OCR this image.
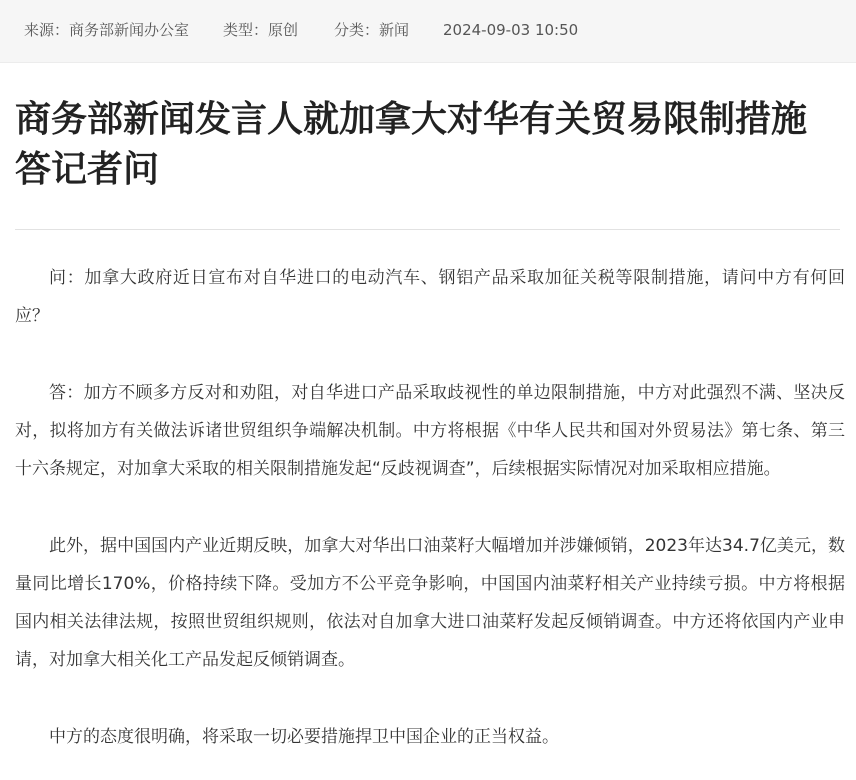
来源：商务部新闻办公室 类型：原创 分类：新闻 2024-09-03 10:50
商务部新闻发言人就加拿大对华有关贸易限制措施答记者问

问：加拿大政府近日宣布对自华进口的电动汽车、钢铝产品采取加征关税等限制措施，请问中方有何回应？

答：加方不顾多方反对和劝阻，对自华进口产品采取歧视性的单边限制措施，中方对此强烈不满、坚决反对，拟将加方有关做法诉诸世贸组织争端解决机制。中方将根据《中华人民共和国对外贸易法》第七条、第三十六条规定，对加拿大采取的相关限制措施发起“反歧视调查”，后续根据实际情况对加采取相应措施。

此外，据中国国内产业近期反映，加拿大对华出口油菜籽大幅增加并涉嫌倾销，2023年达34.7亿美元，数量同比增长170%，价格持续下降。受加方不公平竞争影响，中国国内油菜籽相关产业持续亏损。中方将根据国内相关法律法规，按照世贸组织规则，依法对自加拿大进口油菜籽发起反倾销调查。中方还将依国内产业申请，对加拿大相关化工产品发起反倾销调查。

中方的态度很明确，将采取一切必要措施捍卫中国企业的正当权益。
